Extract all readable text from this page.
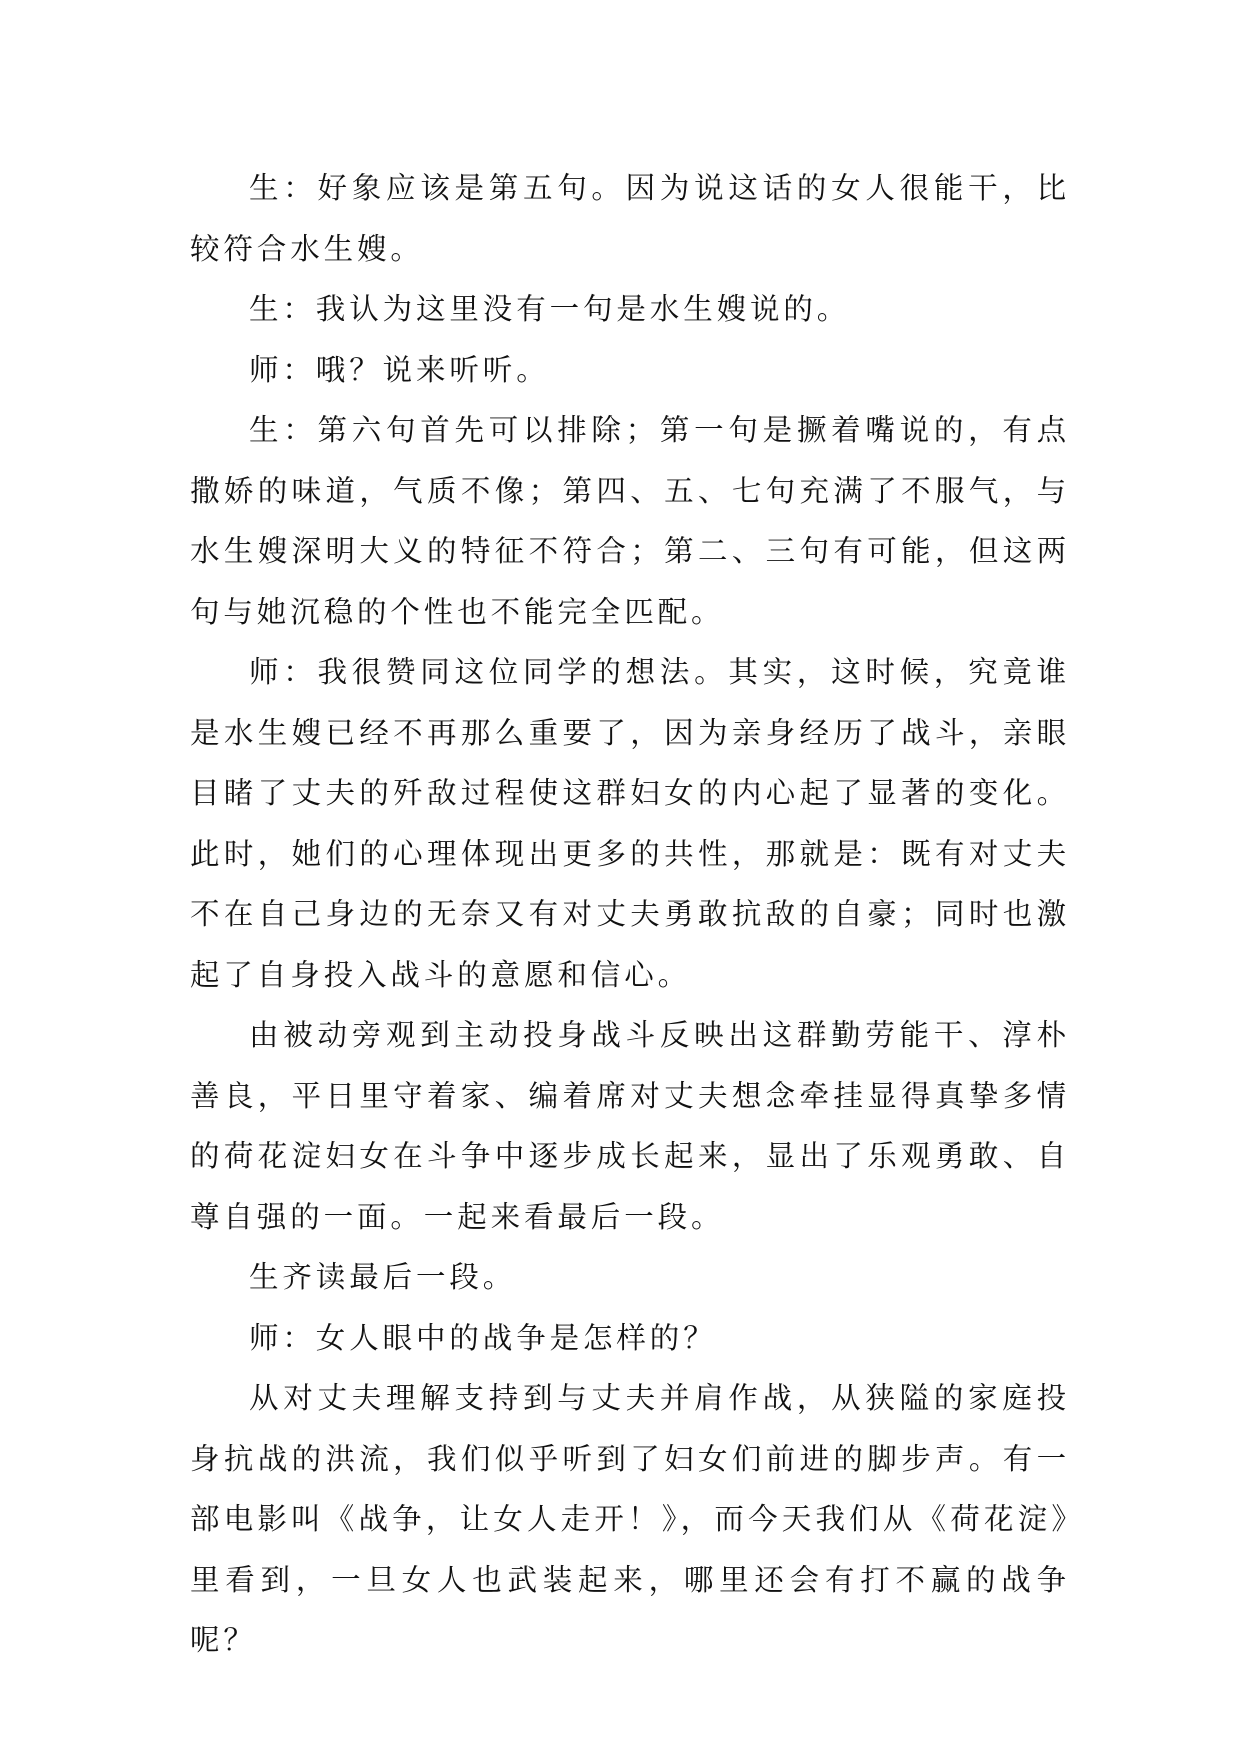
生：好象应该是第五句。因为说这话的女人很能干，比较符合水生嫂。

生：我认为这里没有一句是水生嫂说的。

师：哦？说来听听。

生：第六句首先可以排除；第一句是撅着嘴说的，有点撒娇的味道，气质不像；第四、五、七句充满了不服气，与水生嫂深明大义的特征不符合；第二、三句有可能，但这两句与她沉稳的个性也不能完全匹配。

师：我很赞同这位同学的想法。其实，这时候，究竟谁是水生嫂已经不再那么重要了，因为亲身经历了战斗，亲眼目睹了丈夫的歼敌过程使这群妇女的内心起了显著的变化。此时，她们的心理体现出更多的共性，那就是：既有对丈夫不在自己身边的无奈又有对丈夫勇敢抗敌的自豪；同时也激起了自身投入战斗的意愿和信心。

由被动旁观到主动投身战斗反映出这群勤劳能干、淳朴善良，平日里守着家、编着席对丈夫想念牵挂显得真挚多情的荷花淀妇女在斗争中逐步成长起来，显出了乐观勇敢、自尊自强的一面。一起来看最后一段。

生齐读最后一段。

师：女人眼中的战争是怎样的？

从对丈夫理解支持到与丈夫并肩作战，从狭隘的家庭投身抗战的洪流，我们似乎听到了妇女们前进的脚步声。有一部电影叫《战争，让女人走开！》，而今天我们从《荷花淀》里看到，一旦女人也武装起来，哪里还会有打不赢的战争呢？
